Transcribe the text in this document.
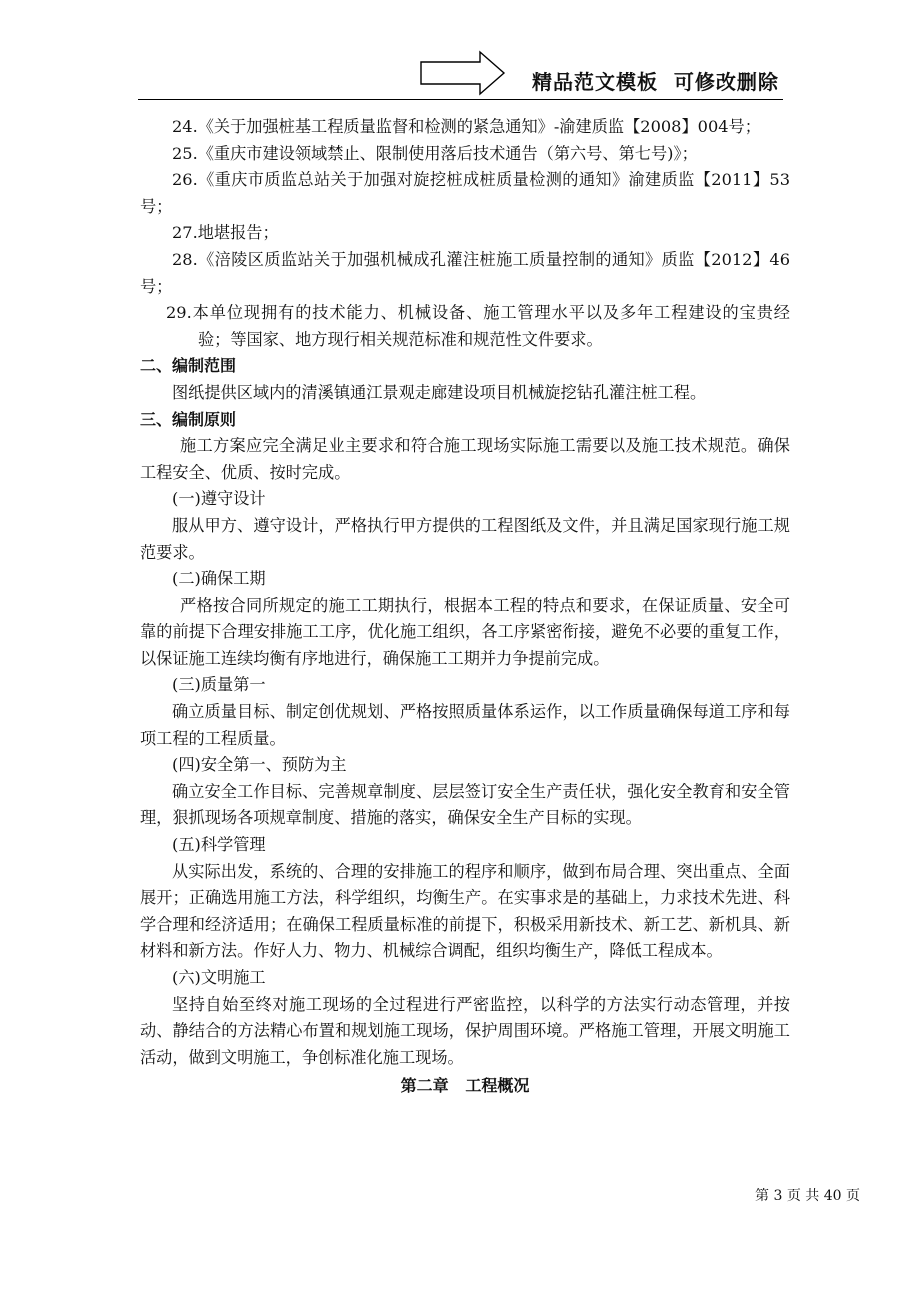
精品范文模板  可修改删除

24.《关于加强桩基工程质量监督和检测的紧急通知》-渝建质监【2008】004号；

25.《重庆市建设领域禁止、限制使用落后技术通告（第六号、第七号)》；

26.《重庆市质监总站关于加强对旋挖桩成桩质量检测的通知》渝建质监【2011】53号；

27.地堪报告；

28.《涪陵区质监站关于加强机械成孔灌注桩施工质量控制的通知》质监【2012】46号；

29.本单位现拥有的技术能力、机械设备、施工管理水平以及多年工程建设的宝贵经验；等国家、地方现行相关规范标准和规范性文件要求。

二、编制范围

图纸提供区域内的清溪镇通江景观走廊建设项目机械旋挖钻孔灌注桩工程。

三、编制原则

施工方案应完全满足业主要求和符合施工现场实际施工需要以及施工技术规范。确保工程安全、优质、按时完成。

(一)遵守设计

服从甲方、遵守设计，严格执行甲方提供的工程图纸及文件，并且满足国家现行施工规范要求。

(二)确保工期

严格按合同所规定的施工工期执行，根据本工程的特点和要求，在保证质量、安全可靠的前提下合理安排施工工序，优化施工组织，各工序紧密衔接，避免不必要的重复工作，以保证施工连续均衡有序地进行，确保施工工期并力争提前完成。

(三)质量第一

确立质量目标、制定创优规划、严格按照质量体系运作，以工作质量确保每道工序和每项工程的工程质量。

(四)安全第一、预防为主

确立安全工作目标、完善规章制度、层层签订安全生产责任状，强化安全教育和安全管理，狠抓现场各项规章制度、措施的落实，确保安全生产目标的实现。

(五)科学管理

从实际出发，系统的、合理的安排施工的程序和顺序，做到布局合理、突出重点、全面展开；正确选用施工方法，科学组织，均衡生产。在实事求是的基础上，力求技术先进、科学合理和经济适用；在确保工程质量标准的前提下，积极采用新技术、新工艺、新机具、新材料和新方法。作好人力、物力、机械综合调配，组织均衡生产，降低工程成本。

(六)文明施工

坚持自始至终对施工现场的全过程进行严密监控，以科学的方法实行动态管理，并按动、静结合的方法精心布置和规划施工现场，保护周围环境。严格施工管理，开展文明施工活动，做到文明施工，争创标准化施工现场。

第二章   工程概况

第 3 页 共 40 页
